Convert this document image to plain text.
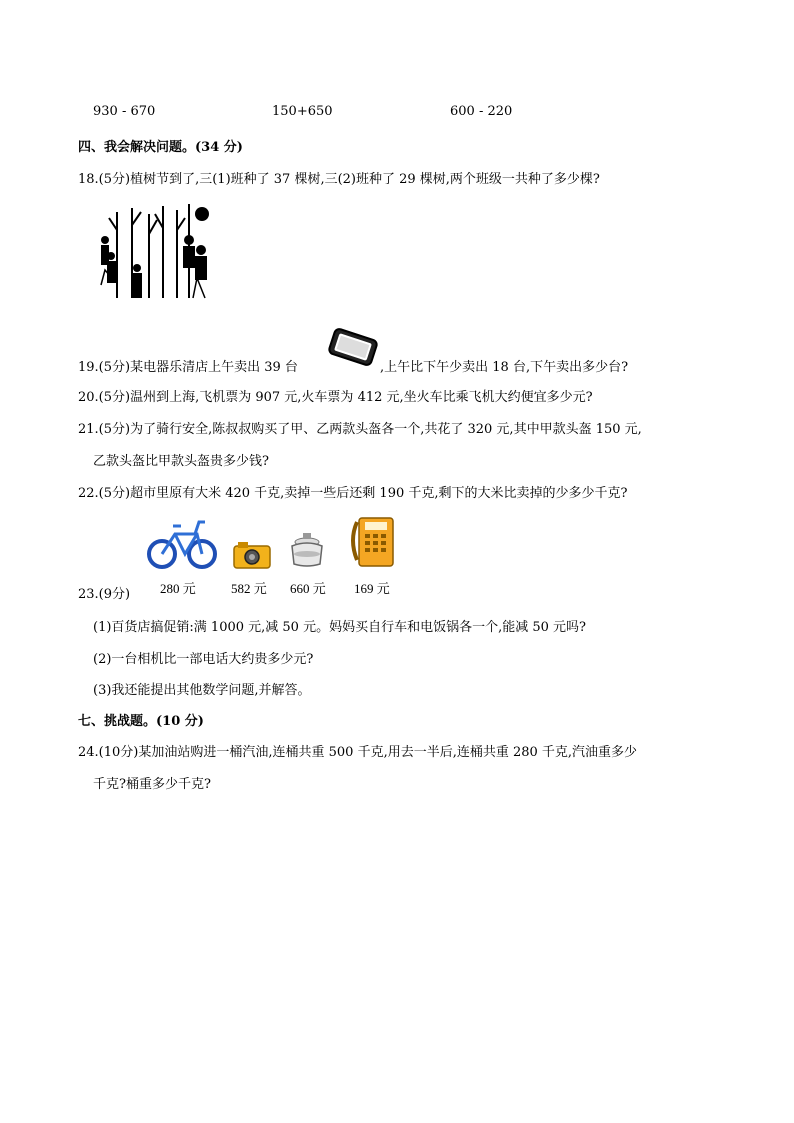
930 - 670	150+650	600 - 220
四、我会解决问题。(34 分)
18.(5分)植树节到了,三(1)班种了 37 棵树,三(2)班种了 29 棵树,两个班级一共种了多少棵?
19.(5分)某电器乐清店上午卖出 39 台	,上午比下午少卖出 18 台,下午卖出多少台?
20.(5分)温州到上海,飞机票为 907 元,火车票为 412 元,坐火车比乘飞机大约便宜多少元?
21.(5分)为了骑行安全,陈叔叔购买了甲、乙两款头盔各一个,共花了 320 元,其中甲款头盔 150 元,
乙款头盔比甲款头盔贵多少钱?
22.(5分)超市里原有大米 420 千克,卖掉一些后还剩 190 千克,剩下的大米比卖掉的少多少千克?
280 元	582 元 660 元 169 元
23.(9分)
(1)百货店搞促销:满 1000 元,减 50 元。妈妈买自行车和电饭锅各一个,能减 50 元吗?
(2)一台相机比一部电话大约贵多少元?
(3)我还能提出其他数学问题,并解答。
七、挑战题。(10 分)
24.(10分)某加油站购进一桶汽油,连桶共重 500 千克,用去一半后,连桶共重 280 千克,汽油重多少
千克?桶重多少千克?
